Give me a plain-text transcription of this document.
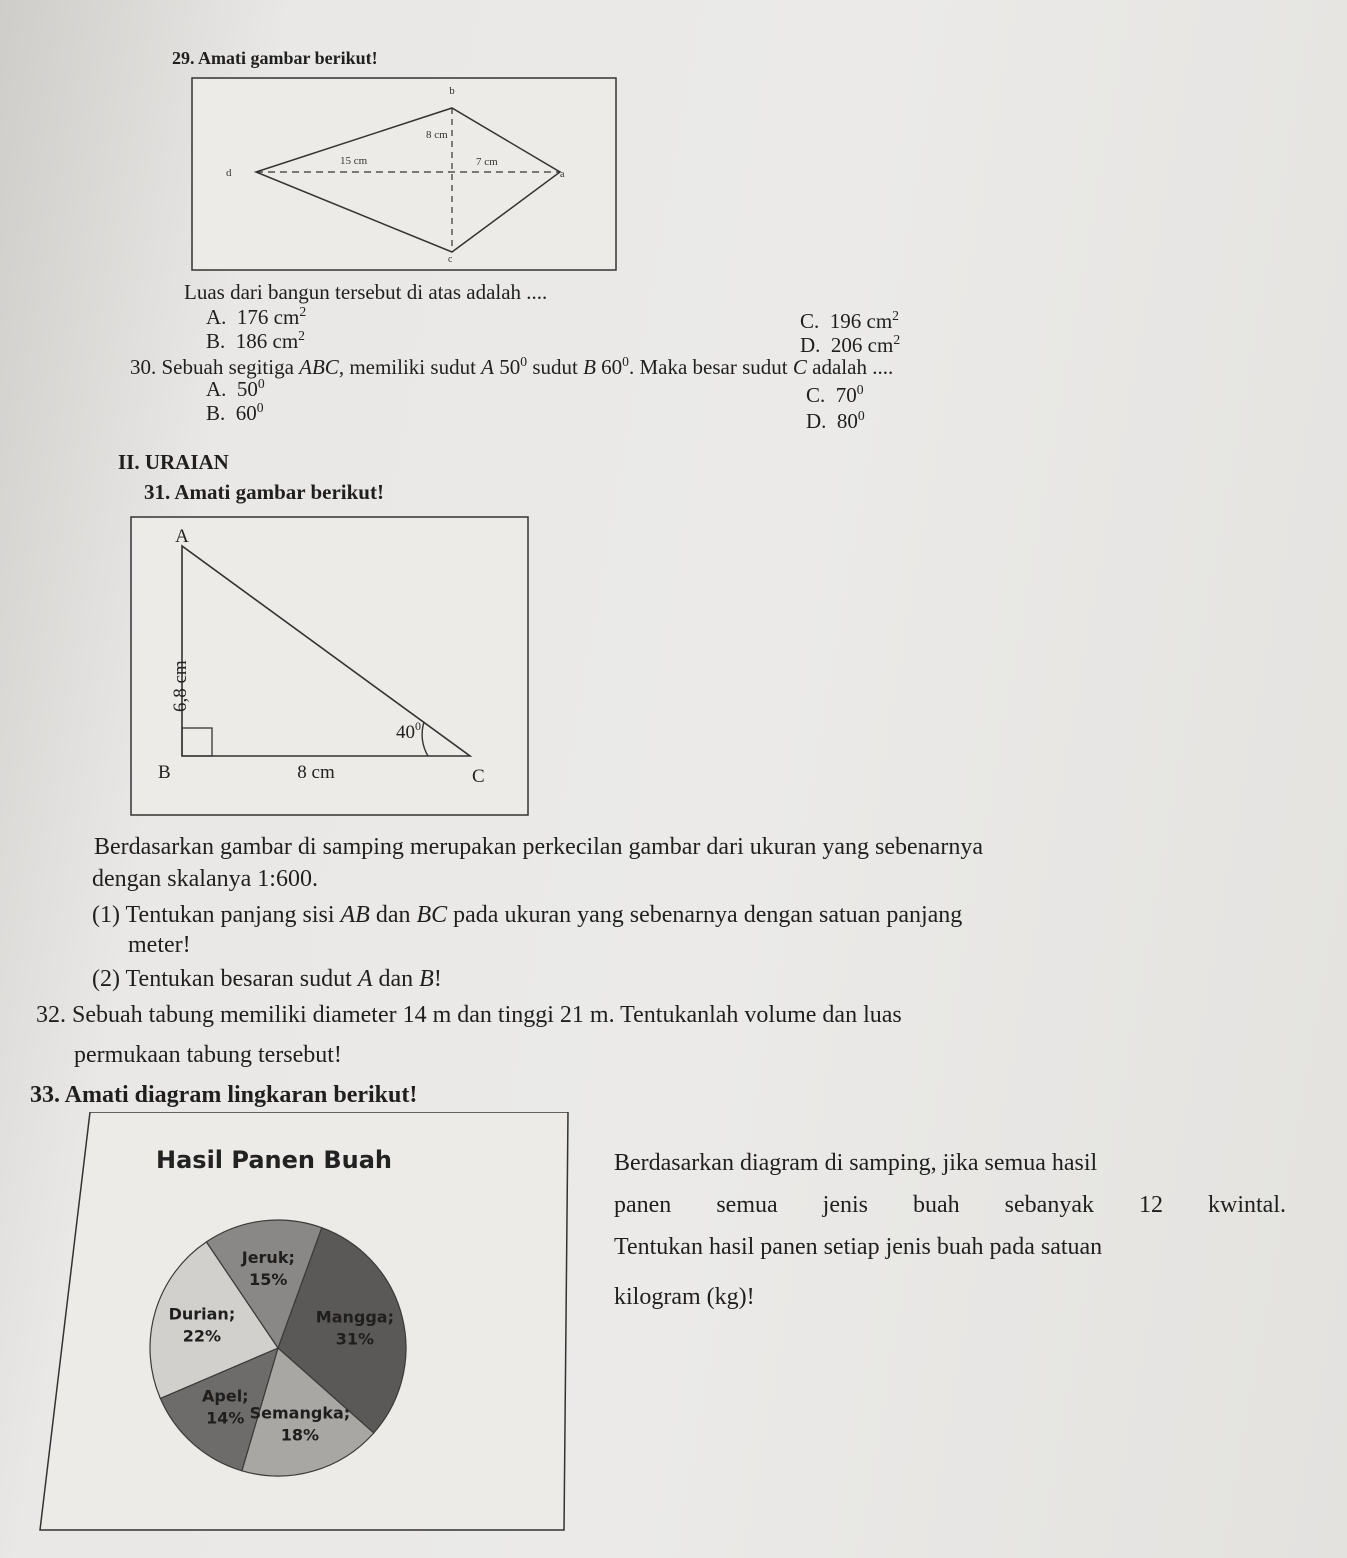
29. Amati gambar berikut!
b
8 cm
d
15 cm	7 cm
a
c
Luas dari bangun tersebut di atas adalah ....
A. 176 $cm^2$
B. 186 $cm^2$
C. 196 $cm^2$
D. 206 $cm^2$
30. Sebuah segitiga ABC, memiliki sudut A $50^0$ sudut B $60^0$. Maka besar sudut C adalah ....
A. $50^0$
B. $60^0$
C. $70^0$
D. $80^0$
II. URAIAN
31. Amati gambar berikut!
A
B	C
8 cm
6,8 cm
$40^0$
Berdasarkan gambar di samping merupakan perkecilan gambar dari ukuran yang sebenarnya
dengan skalanya 1:600.
(1) Tentukan panjang sisi AB dan BC pada ukuran yang sebenarnya dengan satuan panjang
meter!
(2) Tentukan besaran sudut A dan B!
32. Sebuah tabung memiliki diameter 14 m dan tinggi 21 m. Tentukanlah volume dan luas
permukaan tabung tersebut!
33. Amati diagram lingkaran berikut!
Hasil Panen Buah
Mangga; 31%
Semangka; 18%
Apel; 14%
Durian; 22%
Jeruk; 15%
Berdasarkan diagram di samping, jika semua hasil
panen semua jenis buah sebanyak 12 kwintal.
Tentukan hasil panen setiap jenis buah pada satuan
kilogram (kg)!
